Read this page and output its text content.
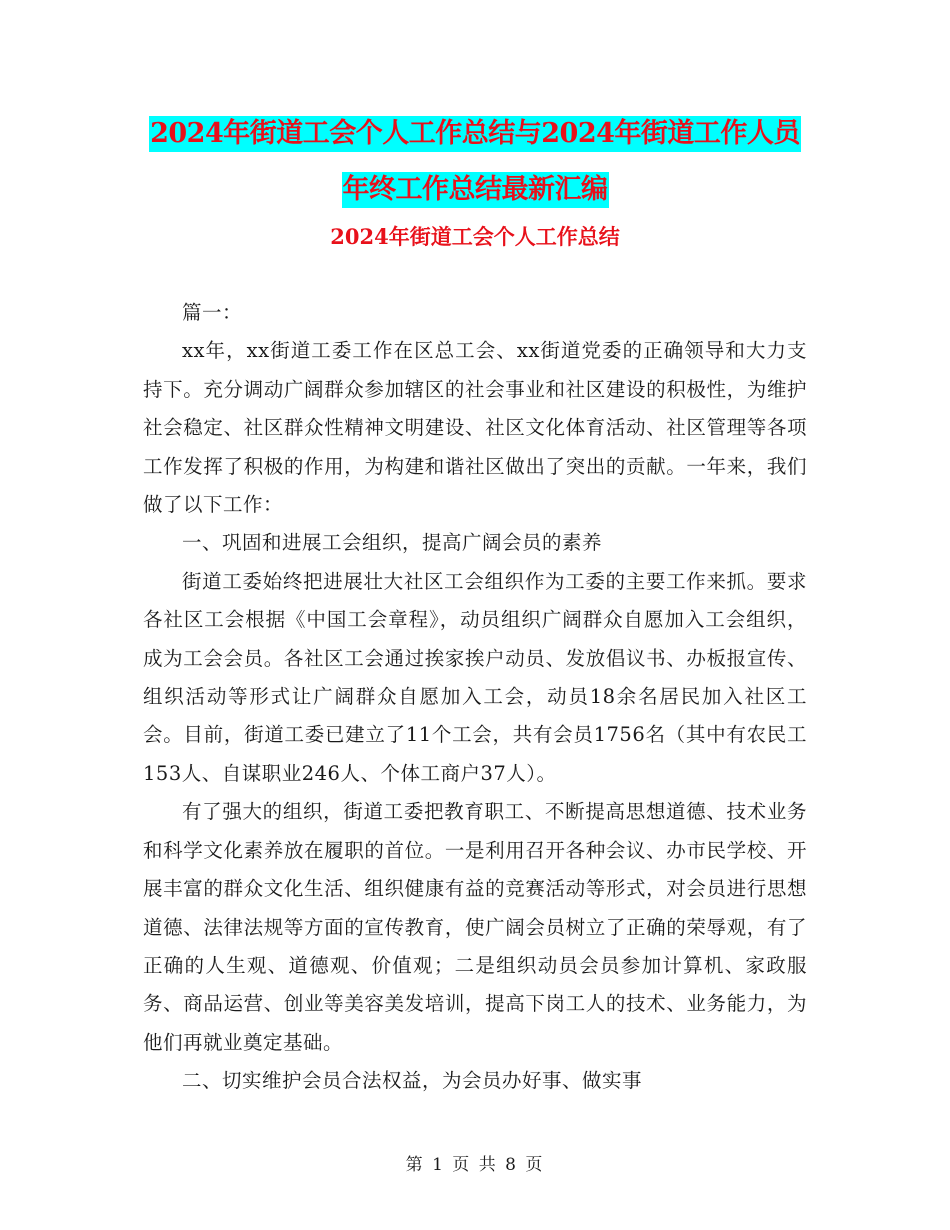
2024年街道工会个人工作总结与2024年街道工作人员
年终工作总结最新汇编
2024年街道工会个人工作总结

篇一：

xx年，xx街道工委工作在区总工会、xx街道党委的正确领导和大力支持下。充分调动广阔群众参加辖区的社会事业和社区建设的积极性，为维护社会稳定、社区群众性精神文明建设、社区文化体育活动、社区管理等各项工作发挥了积极的作用，为构建和谐社区做出了突出的贡献。一年来，我们做了以下工作：

一、巩固和进展工会组织，提高广阔会员的素养

街道工委始终把进展壮大社区工会组织作为工委的主要工作来抓。要求各社区工会根据《中国工会章程》，动员组织广阔群众自愿加入工会组织，成为工会会员。各社区工会通过挨家挨户动员、发放倡议书、办板报宣传、组织活动等形式让广阔群众自愿加入工会，动员18余名居民加入社区工会。目前，街道工委已建立了11个工会，共有会员1756名（其中有农民工153人、自谋职业246人、个体工商户37人）。

有了强大的组织，街道工委把教育职工、不断提高思想道德、技术业务和科学文化素养放在履职的首位。一是利用召开各种会议、办市民学校、开展丰富的群众文化生活、组织健康有益的竞赛活动等形式，对会员进行思想道德、法律法规等方面的宣传教育，使广阔会员树立了正确的荣辱观，有了正确的人生观、道德观、价值观；二是组织动员会员参加计算机、家政服务、商品运营、创业等美容美发培训，提高下岗工人的技术、业务能力，为他们再就业奠定基础。

二、切实维护会员合法权益，为会员办好事、做实事

第 1 页 共 8 页
